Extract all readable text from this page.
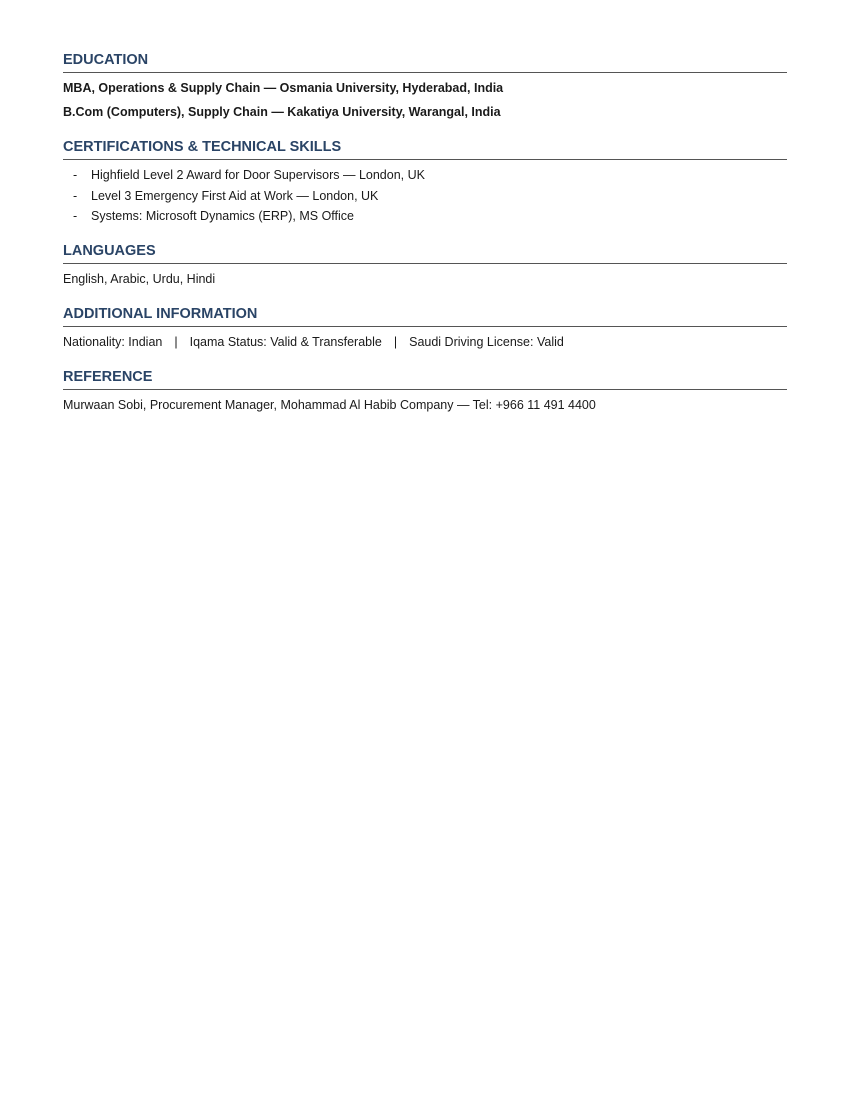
EDUCATION

MBA, Operations & Supply Chain — Osmania University, Hyderabad, India

B.Com (Computers), Supply Chain — Kakatiya University, Warangal, India

CERTIFICATIONS & TECHNICAL SKILLS
- Highfield Level 2 Award for Door Supervisors — London, UK
- Level 3 Emergency First Aid at Work — London, UK
- Systems: Microsoft Dynamics (ERP), MS Office
LANGUAGES

English, Arabic, Urdu, Hindi

ADDITIONAL INFORMATION

Nationality: Indian | Iqama Status: Valid & Transferable | Saudi Driving License: Valid

REFERENCE

Murwaan Sobi, Procurement Manager, Mohammad Al Habib Company — Tel: +966 11 491 4400
